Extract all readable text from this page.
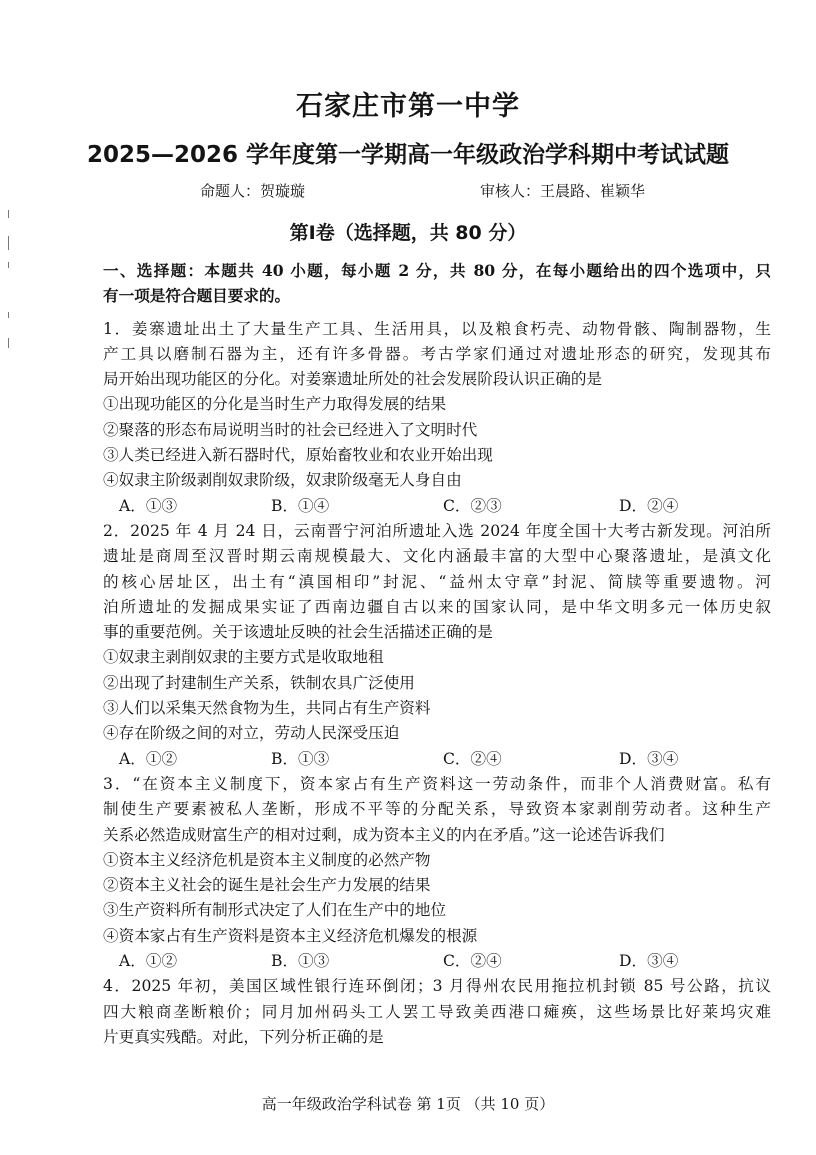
石家庄市第一中学
2025—2026 学年度第一学期高一年级政治学科期中考试试题
命题人：贺璇璇	审核人：王晨路、崔颖华
第Ⅰ卷（选择题，共 80 分）
一、选择题：本题共 40 小题，每小题 2 分，共 80 分，在每小题给出的四个选项中，只
有一项是符合题目要求的。
1．姜寨遗址出土了大量生产工具、生活用具，以及粮食朽壳、动物骨骸、陶制器物，生
产工具以磨制石器为主，还有许多骨器。考古学家们通过对遗址形态的研究，发现其布
局开始出现功能区的分化。对姜寨遗址所处的社会发展阶段认识正确的是
①出现功能区的分化是当时生产力取得发展的结果
②聚落的形态布局说明当时的社会已经进入了文明时代
③人类已经进入新石器时代，原始畜牧业和农业开始出现
④奴隶主阶级剥削奴隶阶级，奴隶阶级毫无人身自由
A．①③	B．①④	C．②③	D．②④
2．2025 年 4 月 24 日，云南晋宁河泊所遗址入选 2024 年度全国十大考古新发现。河泊所
遗址是商周至汉晋时期云南规模最大、文化内涵最丰富的大型中心聚落遗址，是滇文化
的核心居址区，出土有“滇国相印”封泥、“益州太守章”封泥、简牍等重要遗物。河
泊所遗址的发掘成果实证了西南边疆自古以来的国家认同，是中华文明多元一体历史叙
事的重要范例。关于该遗址反映的社会生活描述正确的是
①奴隶主剥削奴隶的主要方式是收取地租
②出现了封建制生产关系，铁制农具广泛使用
③人们以采集天然食物为生，共同占有生产资料
④存在阶级之间的对立，劳动人民深受压迫
A．①②	B．①③	C．②④	D．③④
3．“在资本主义制度下，资本家占有生产资料这一劳动条件，而非个人消费财富。私有
制使生产要素被私人垄断，形成不平等的分配关系，导致资本家剥削劳动者。这种生产
关系必然造成财富生产的相对过剩，成为资本主义的内在矛盾。”这一论述告诉我们
①资本主义经济危机是资本主义制度的必然产物
②资本主义社会的诞生是社会生产力发展的结果
③生产资料所有制形式决定了人们在生产中的地位
④资本家占有生产资料是资本主义经济危机爆发的根源
A．①②	B．①③	C．②④	D．③④
4．2025 年初，美国区域性银行连环倒闭；3 月得州农民用拖拉机封锁 85 号公路，抗议
四大粮商垄断粮价；同月加州码头工人罢工导致美西港口瘫痪，这些场景比好莱坞灾难
片更真实残酷。对此，下列分析正确的是
高一年级政治学科试卷 第 1页 （共 10 页）
